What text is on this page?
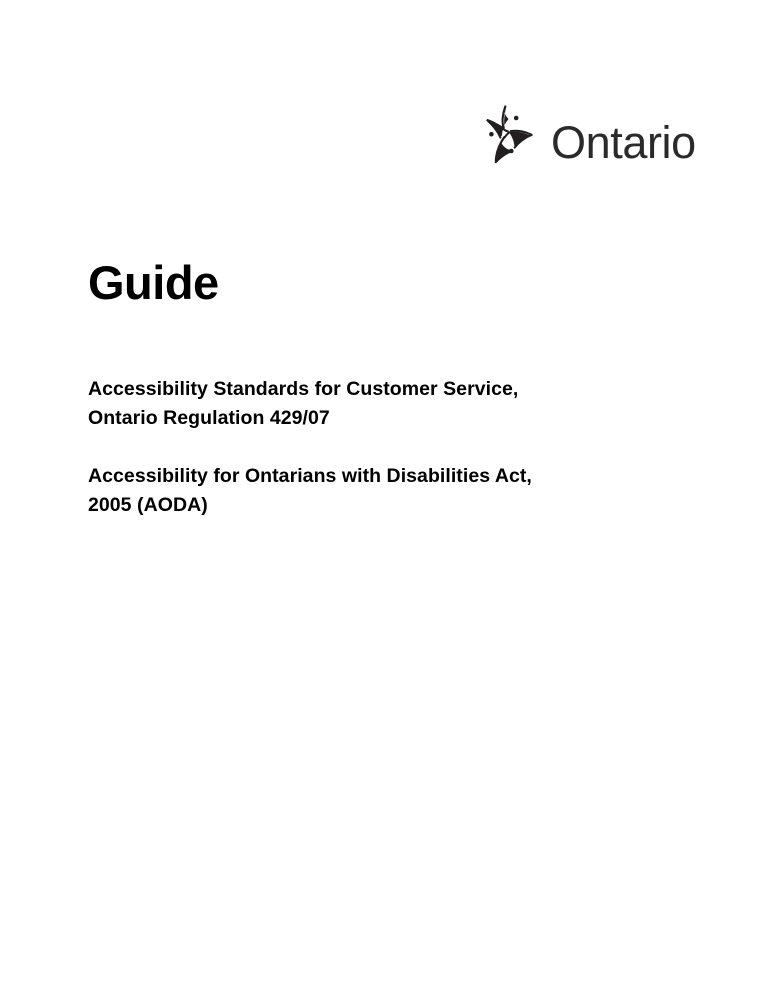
Ontario
Guide
Accessibility Standards for Customer Service,
Ontario Regulation 429/07
Accessibility for Ontarians with Disabilities Act,
2005 (AODA)
